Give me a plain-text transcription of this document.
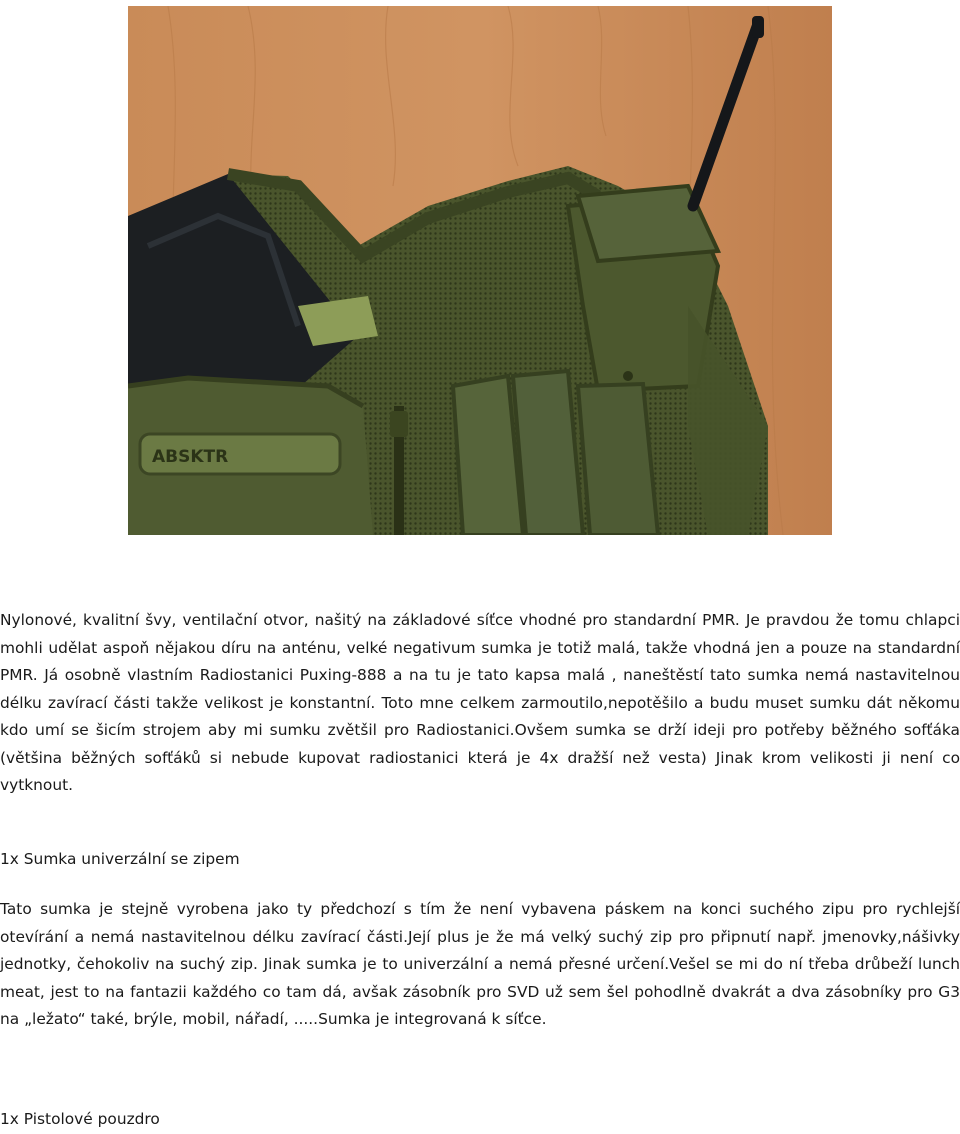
ABSKTR

Nylonové, kvalitní švy, ventilační otvor, našitý na základové síťce vhodné pro standardní PMR. Je pravdou že tomu chlapci mohli udělat aspoň nějakou díru na anténu, velké negativum sumka je totiž malá, takže vhodná jen a pouze na standardní PMR. Já osobně vlastním Radiostanici Puxing-888 a na tu je tato kapsa malá , naneštěstí tato sumka nemá nastavitelnou délku zavírací části takže velikost je konstantní. Toto mne celkem zarmoutilo,nepotěšilo a budu muset sumku dát někomu kdo umí se šicím strojem aby mi sumku zvětšil pro Radiostanici.Ovšem sumka se drží ideji pro potřeby běžného sofťáka (většina běžných sofťáků si nebude kupovat radiostanici která je 4x dražší než vesta) Jinak krom velikosti ji není co vytknout.

1x Sumka univerzální se zipem

Tato sumka je stejně vyrobena jako ty předchozí s tím že není vybavena páskem na konci suchého zipu pro rychlejší otevírání a nemá nastavitelnou délku zavírací části.Její plus je že má velký suchý zip pro připnutí např. jmenovky,nášivky jednotky, čehokoliv na suchý zip. Jinak sumka je to univerzální a nemá přesné určení.Vešel se mi do ní třeba drůbeží lunch meat, jest to na fantazii každého co tam dá, avšak zásobník pro SVD už sem šel pohodlně dvakrát a dva zásobníky pro G3 na „ležato“ také, brýle, mobil, nářadí, .....Sumka je integrovaná k síťce.

1x Pistolové pouzdro
